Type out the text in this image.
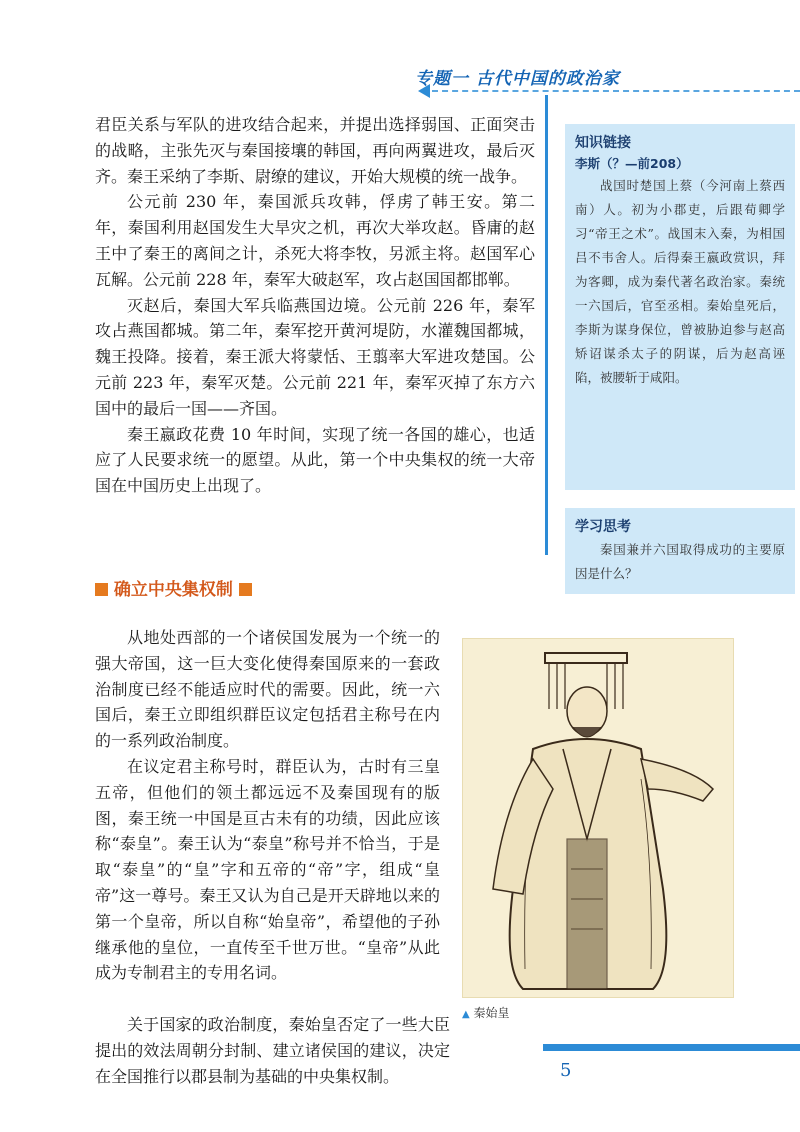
专题一 古代中国的政治家

君臣关系与军队的进攻结合起来，并提出选择弱国、正面突击的战略，主张先灭与秦国接壤的韩国，再向两翼进攻，最后灭齐。秦王采纳了李斯、尉缭的建议，开始大规模的统一战争。

公元前 230 年，秦国派兵攻韩，俘虏了韩王安。第二年，秦国利用赵国发生大旱灾之机，再次大举攻赵。昏庸的赵王中了秦王的离间之计，杀死大将李牧，另派主将。赵国军心瓦解。公元前 228 年，秦军大破赵军，攻占赵国国都邯郸。

灭赵后，秦国大军兵临燕国边境。公元前 226 年，秦军攻占燕国都城。第二年，秦军挖开黄河堤防，水灌魏国都城，魏王投降。接着，秦王派大将蒙恬、王翦率大军进攻楚国。公元前 223 年，秦军灭楚。公元前 221 年，秦军灭掉了东方六国中的最后一国——齐国。

秦王嬴政花费 10 年时间，实现了统一各国的雄心，也适应了人民要求统一的愿望。从此，第一个中央集权的统一大帝国在中国历史上出现了。

确立中央集权制

从地处西部的一个诸侯国发展为一个统一的强大帝国，这一巨大变化使得秦国原来的一套政治制度已经不能适应时代的需要。因此，统一六国后，秦王立即组织群臣议定包括君主称号在内的一系列政治制度。

在议定君主称号时，群臣认为，古时有三皇五帝，但他们的领土都远远不及秦国现有的版图，秦王统一中国是亘古未有的功绩，因此应该称“泰皇”。秦王认为“泰皇”称号并不恰当，于是取“泰皇”的“皇”字和五帝的“帝”字，组成“皇帝”这一尊号。秦王又认为自己是开天辟地以来的第一个皇帝，所以自称“始皇帝”，希望他的子孙继承他的皇位，一直传至千世万世。“皇帝”从此成为专制君主的专用名词。

关于国家的政治制度，秦始皇否定了一些大臣提出的效法周朝分封制、建立诸侯国的建议，决定在全国推行以郡县制为基础的中央集权制。

知识链接
李斯（？—前208）
战国时楚国上蔡（今河南上蔡西南）人。初为小郡吏，后跟荀卿学习“帝王之术”。战国末入秦，为相国吕不韦舍人。后得秦王嬴政赏识，拜为客卿，成为秦代著名政治家。秦统一六国后，官至丞相。秦始皇死后，李斯为谋身保位，曾被胁迫参与赵高矫诏谋杀太子的阴谋，后为赵高诬陷，被腰斩于咸阳。
学习思考
秦国兼并六国取得成功的主要原因是什么？
▲ 秦始皇
5
